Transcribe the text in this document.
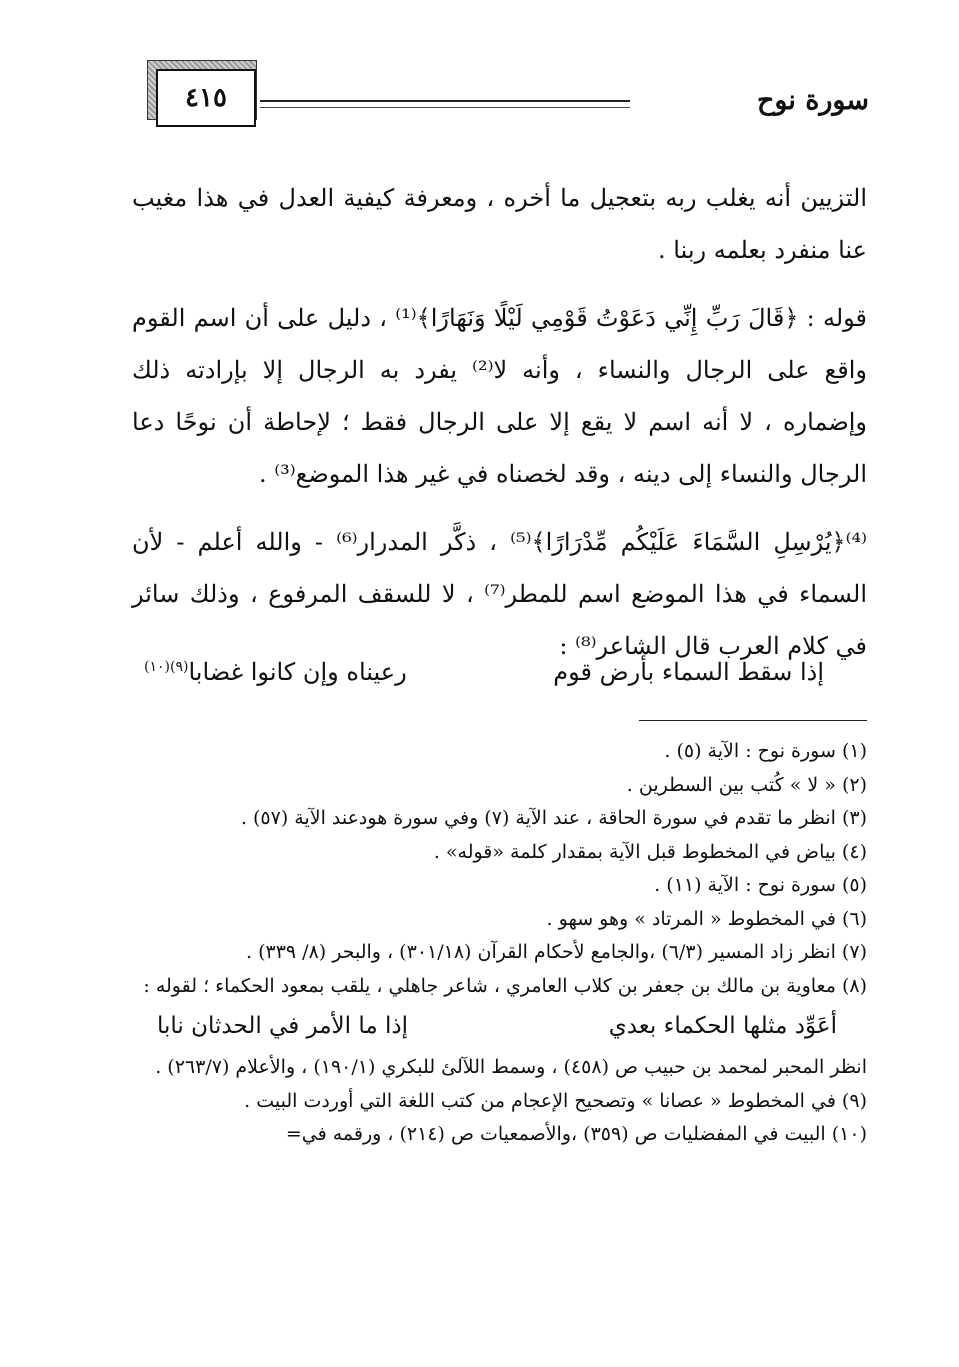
سورة نوح
٤١٥

التزيين أنه يغلب ربه بتعجيل ما أخره ، ومعرفة كيفية العدل في هذا مغيب عنا منفرد بعلمه ربنا .

قوله : ﴿قَالَ رَبِّ إِنِّي دَعَوْتُ قَوْمِي لَيْلًا وَنَهَارًا﴾⁽¹⁾ ، دليل على أن اسم القوم واقع على الرجال والنساء ، وأنه لا⁽²⁾ يفرد به الرجال إلا بإرادته ذلك وإضماره ، لا أنه اسم لا يقع إلا على الرجال فقط ؛ لإحاطة أن نوحًا دعا الرجال والنساء إلى دينه ، وقد لخصناه في غير هذا الموضع⁽³⁾ .

⁽⁴⁾﴿يُرْسِلِ السَّمَاءَ عَلَيْكُم مِّدْرَارًا﴾⁽⁵⁾ ، ذكَّر المدرار⁽⁶⁾ - والله أعلم - لأن السماء في هذا الموضع اسم للمطر⁽⁷⁾ ، لا للسقف المرفوع ، وذلك سائر في كلام العرب قال الشاعر⁽⁸⁾ :

إذا سقط السماء بأرض قوم
رعيناه وإن كانوا غضابا$^{(٩)(١٠)}$

(١) سورة نوح : الآية (٥) .

(٢) « لا » كُتب بين السطرين .

(٣) انظر ما تقدم في سورة الحاقة ، عند الآية (٧) وفي سورة هودعند الآية (٥٧) .

(٤) بياض في المخطوط قبل الآية بمقدار كلمة «قوله» .

(٥) سورة نوح : الآية (١١) .

(٦) في المخطوط « المرتاد » وهو سهو .

(٧) انظر زاد المسير (٦/٣) ،والجامع لأحكام القرآن (٣٠١/١٨) ، والبحر (٨/ ٣٣٩) .

(٨) معاوية بن مالك بن جعفر بن كلاب العامري ، شاعر جاهلي ، يلقب بمعود الحكماء ؛ لقوله :

أعَوِّد مثلها الحكماء بعدي
إذا ما الأمر في الحدثان نابا

انظر المحبر لمحمد بن حبيب ص (٤٥٨) ، وسمط اللآلئ للبكري (١٩٠/١) ، والأعلام (٢٦٣/٧) .

(٩) في المخطوط « عصانا » وتصحيح الإعجام من كتب اللغة التي أوردت البيت .

(١٠) البيت في المفضليات ص (٣٥٩) ،والأصمعيات ص (٢١٤) ، ورقمه في=
